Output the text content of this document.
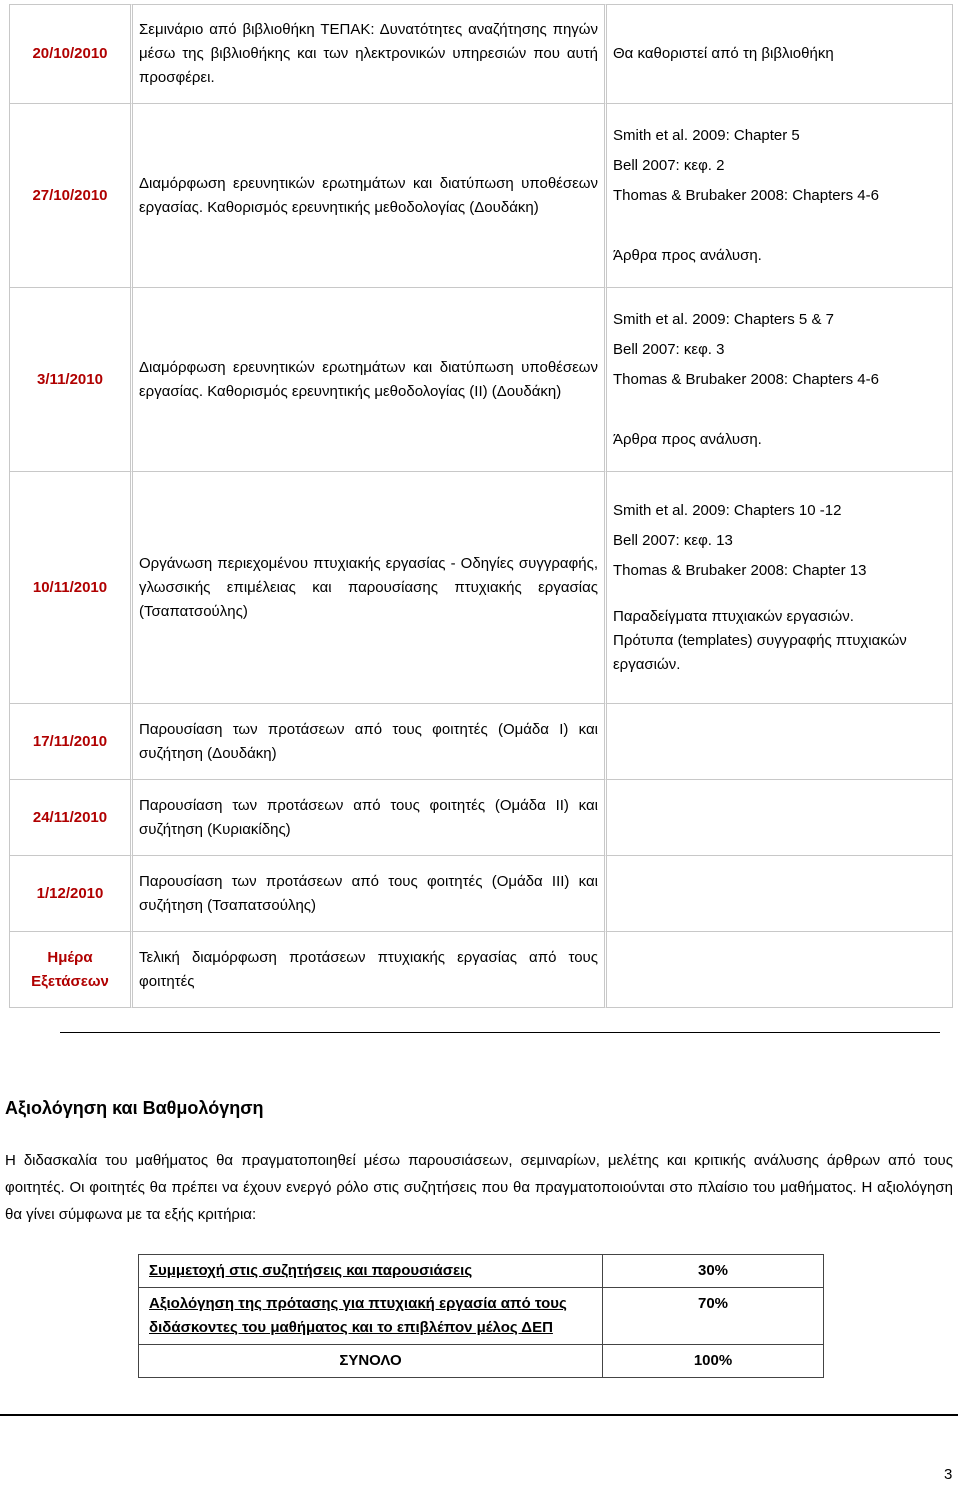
20/10/2010	Σεμινάριο από βιβλιοθήκη ΤΕΠΑΚ: Δυνατότητες αναζήτησης πηγών μέσω της βιβλιοθήκης και των ηλεκτρονικών υπηρεσιών που αυτή προσφέρει.	Θα καθοριστεί από τη βιβλιοθήκη

27/10/2010	Διαμόρφωση ερευνητικών ερωτημάτων και διατύπωση υποθέσεων εργασίας. Καθορισμός ερευνητικής μεθοδολογίας (Δουδάκη)	Smith et al. 2009: Chapter 5
Bell 2007: κεφ. 2
Thomas & Brubaker 2008: Chapters 4-6
Άρθρα προς ανάλυση.

3/11/2010	Διαμόρφωση ερευνητικών ερωτημάτων και διατύπωση υποθέσεων εργασίας. Καθορισμός ερευνητικής μεθοδολογίας (ΙΙ) (Δουδάκη)	Smith et al. 2009: Chapters 5 & 7
Bell 2007: κεφ. 3
Thomas & Brubaker 2008: Chapters 4-6
Άρθρα προς ανάλυση.

10/11/2010	Οργάνωση περιεχομένου πτυχιακής εργασίας - Οδηγίες συγγραφής, γλωσσικής επιμέλειας και παρουσίασης πτυχιακής εργασίας (Τσαπατσούλης)	Smith et al. 2009: Chapters 10 -12
Bell 2007: κεφ. 13
Thomas & Brubaker 2008: Chapter 13
Παραδείγματα πτυχιακών εργασιών.
Πρότυπα (templates) συγγραφής πτυχιακών εργασιών.

17/11/2010	Παρουσίαση των προτάσεων από τους φοιτητές (Ομάδα Ι) και συζήτηση (Δουδάκη)	

24/11/2010	Παρουσίαση των προτάσεων από τους φοιτητές (Ομάδα ΙΙ) και συζήτηση (Κυριακίδης)	

1/12/2010	Παρουσίαση των προτάσεων από τους φοιτητές (Ομάδα ΙΙΙ) και συζήτηση (Τσαπατσούλης)	

Ημέρα Εξετάσεων	Τελική διαμόρφωση προτάσεων πτυχιακής εργασίας από τους φοιτητές	

Αξιολόγηση και Βαθμολόγηση

Η διδασκαλία του μαθήματος θα πραγματοποιηθεί μέσω παρουσιάσεων, σεμιναρίων, μελέτης και κριτικής ανάλυσης άρθρων από τους φοιτητές. Οι φοιτητές θα πρέπει να έχουν ενεργό ρόλο στις συζητήσεις που θα πραγματοποιούνται στο πλαίσιο του μαθήματος. Η αξιολόγηση θα γίνει σύμφωνα με τα εξής κριτήρια:

Συμμετοχή στις συζητήσεις και παρουσιάσεις	30%
Αξιολόγηση της πρότασης για πτυχιακή εργασία από τους διδάσκοντες του μαθήματος και το επιβλέπον μέλος ΔΕΠ	70%
ΣΥΝΟΛΟ	100%
3
